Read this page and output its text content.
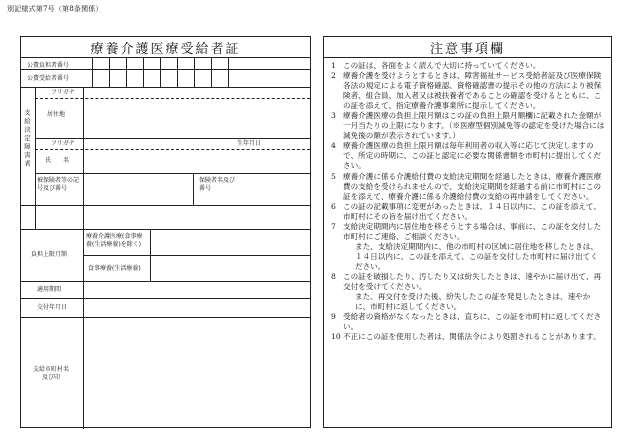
別記様式第7号（第8条関係）
療養介護医療受給者証
公費負担者番号
公費受給者番号
支給決定障害者
フリガナ
居住地
フリガナ	生年月日
氏　　名
被保険者等の記号及び番号
保険者名及び番号
負担上限月額
療養介護医療(食事療養(生活療養)を除く)
食事療養(生活療養)
適用期間
交付年月日
支給市町村名及び印
注意事項欄
1 この証は、各面をよく読んで大切に持っていてください。
2 療養介護を受けようとするときは、障害福祉サービス受給者証及び医療保険各法の規定による電子資格確認、資格確認書の提示その他の方法により被保険者、組合員、加入者又は被扶養者であることの確認を受けるとともに、この証を添えて、指定療養介護事業所に提示してください。
3 療養介護医療の負担上限月額はこの証の負担上限月額欄に記載された金額が一月当たりの上限になります。（※医療型個別減免等の認定を受けた場合には減免後の額が表示されています。）
4 療養介護医療の負担上限月額は毎年利用者の収入等に応じて決定しますので、所定の時期に、この証と認定に必要な関係書類を市町村に提出してください。
5 療養介護に係る介護給付費の支給決定期間を経過したときは、療養介護医療費の支給を受けられませんので、支給決定期間を経過する前に市町村にこの証を添えて、療養介護に係る介護給付費の支給の再申請をしてください。
6 この証の記載事項に変更があったときは、１４日以内に、この証を添えて、市町村にその旨を届け出てください。
7 支給決定期間内に居住地を移そうとする場合は、事前に、この証を交付した市町村にご連絡、ご相談ください。
また、支給決定期間内に、他の市町村の区域に居住地を移したときは、１４日以内に、この証を添えて、この証を交付した市町村に届け出てください。
8 この証を破損したり、汚したり又は紛失したときは、速やかに届け出て、再交付を受けてください。
また、再交付を受けた後、紛失したこの証を発見したときは、速やかに、市町村に返してください。
9 受給者の資格がなくなったときは、直ちに、この証を市町村に返してください。
10 不正にこの証を使用した者は、関係法令により処罰されることがあります。
